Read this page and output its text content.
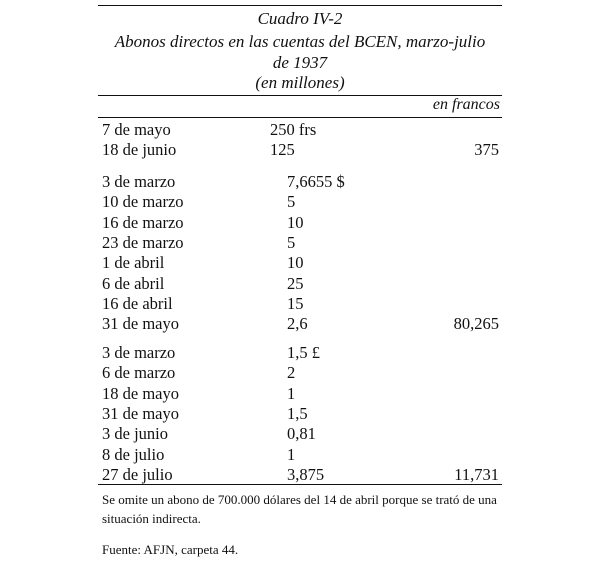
Cuadro IV-2
Abonos directos en las cuentas del BCEN, marzo-julio
de 1937
(en millones)
en francos
7 de mayo	250 frs
18 de junio	125	375
3 de marzo	7,6655 $
10 de marzo	5
16 de marzo	10
23 de marzo	5
1 de abril	10
6 de abril	25
16 de abril	15
31 de mayo	2,6	80,265
3 de marzo	1,5 £
6 de marzo	2
18 de mayo	1
31 de mayo	1,5
3 de junio	0,81
8 de julio	1
27 de julio	3,875	11,731
Se omite un abono de 700.000 dólares del 14 de abril porque se trató de una situación indirecta.
Fuente: AFJN, carpeta 44.
